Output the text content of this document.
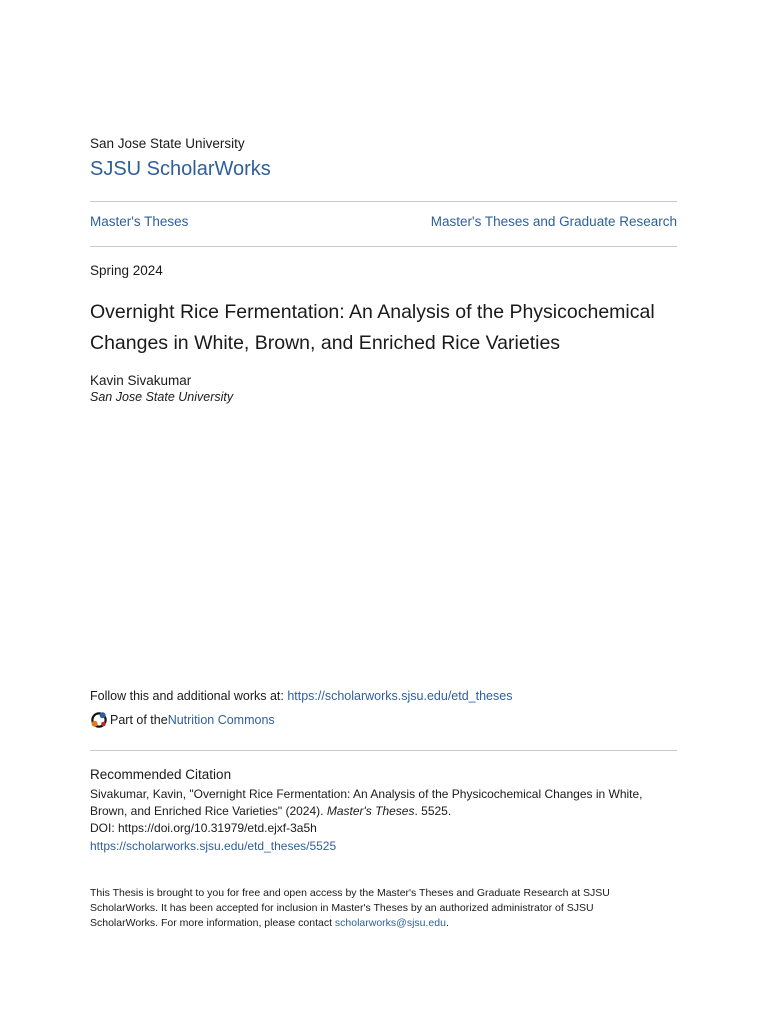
San Jose State University
SJSU ScholarWorks
Master's Theses	Master's Theses and Graduate Research
Spring 2024
Overnight Rice Fermentation: An Analysis of the Physicochemical Changes in White, Brown, and Enriched Rice Varieties
Kavin Sivakumar
San Jose State University
Follow this and additional works at: https://scholarworks.sjsu.edu/etd_theses
Part of the Nutrition Commons
Recommended Citation
Sivakumar, Kavin, "Overnight Rice Fermentation: An Analysis of the Physicochemical Changes in White,
Brown, and Enriched Rice Varieties" (2024). Master's Theses. 5525.
DOI: https://doi.org/10.31979/etd.ejxf-3a5h
https://scholarworks.sjsu.edu/etd_theses/5525
This Thesis is brought to you for free and open access by the Master's Theses and Graduate Research at SJSU
ScholarWorks. It has been accepted for inclusion in Master's Theses by an authorized administrator of SJSU
ScholarWorks. For more information, please contact scholarworks@sjsu.edu.
